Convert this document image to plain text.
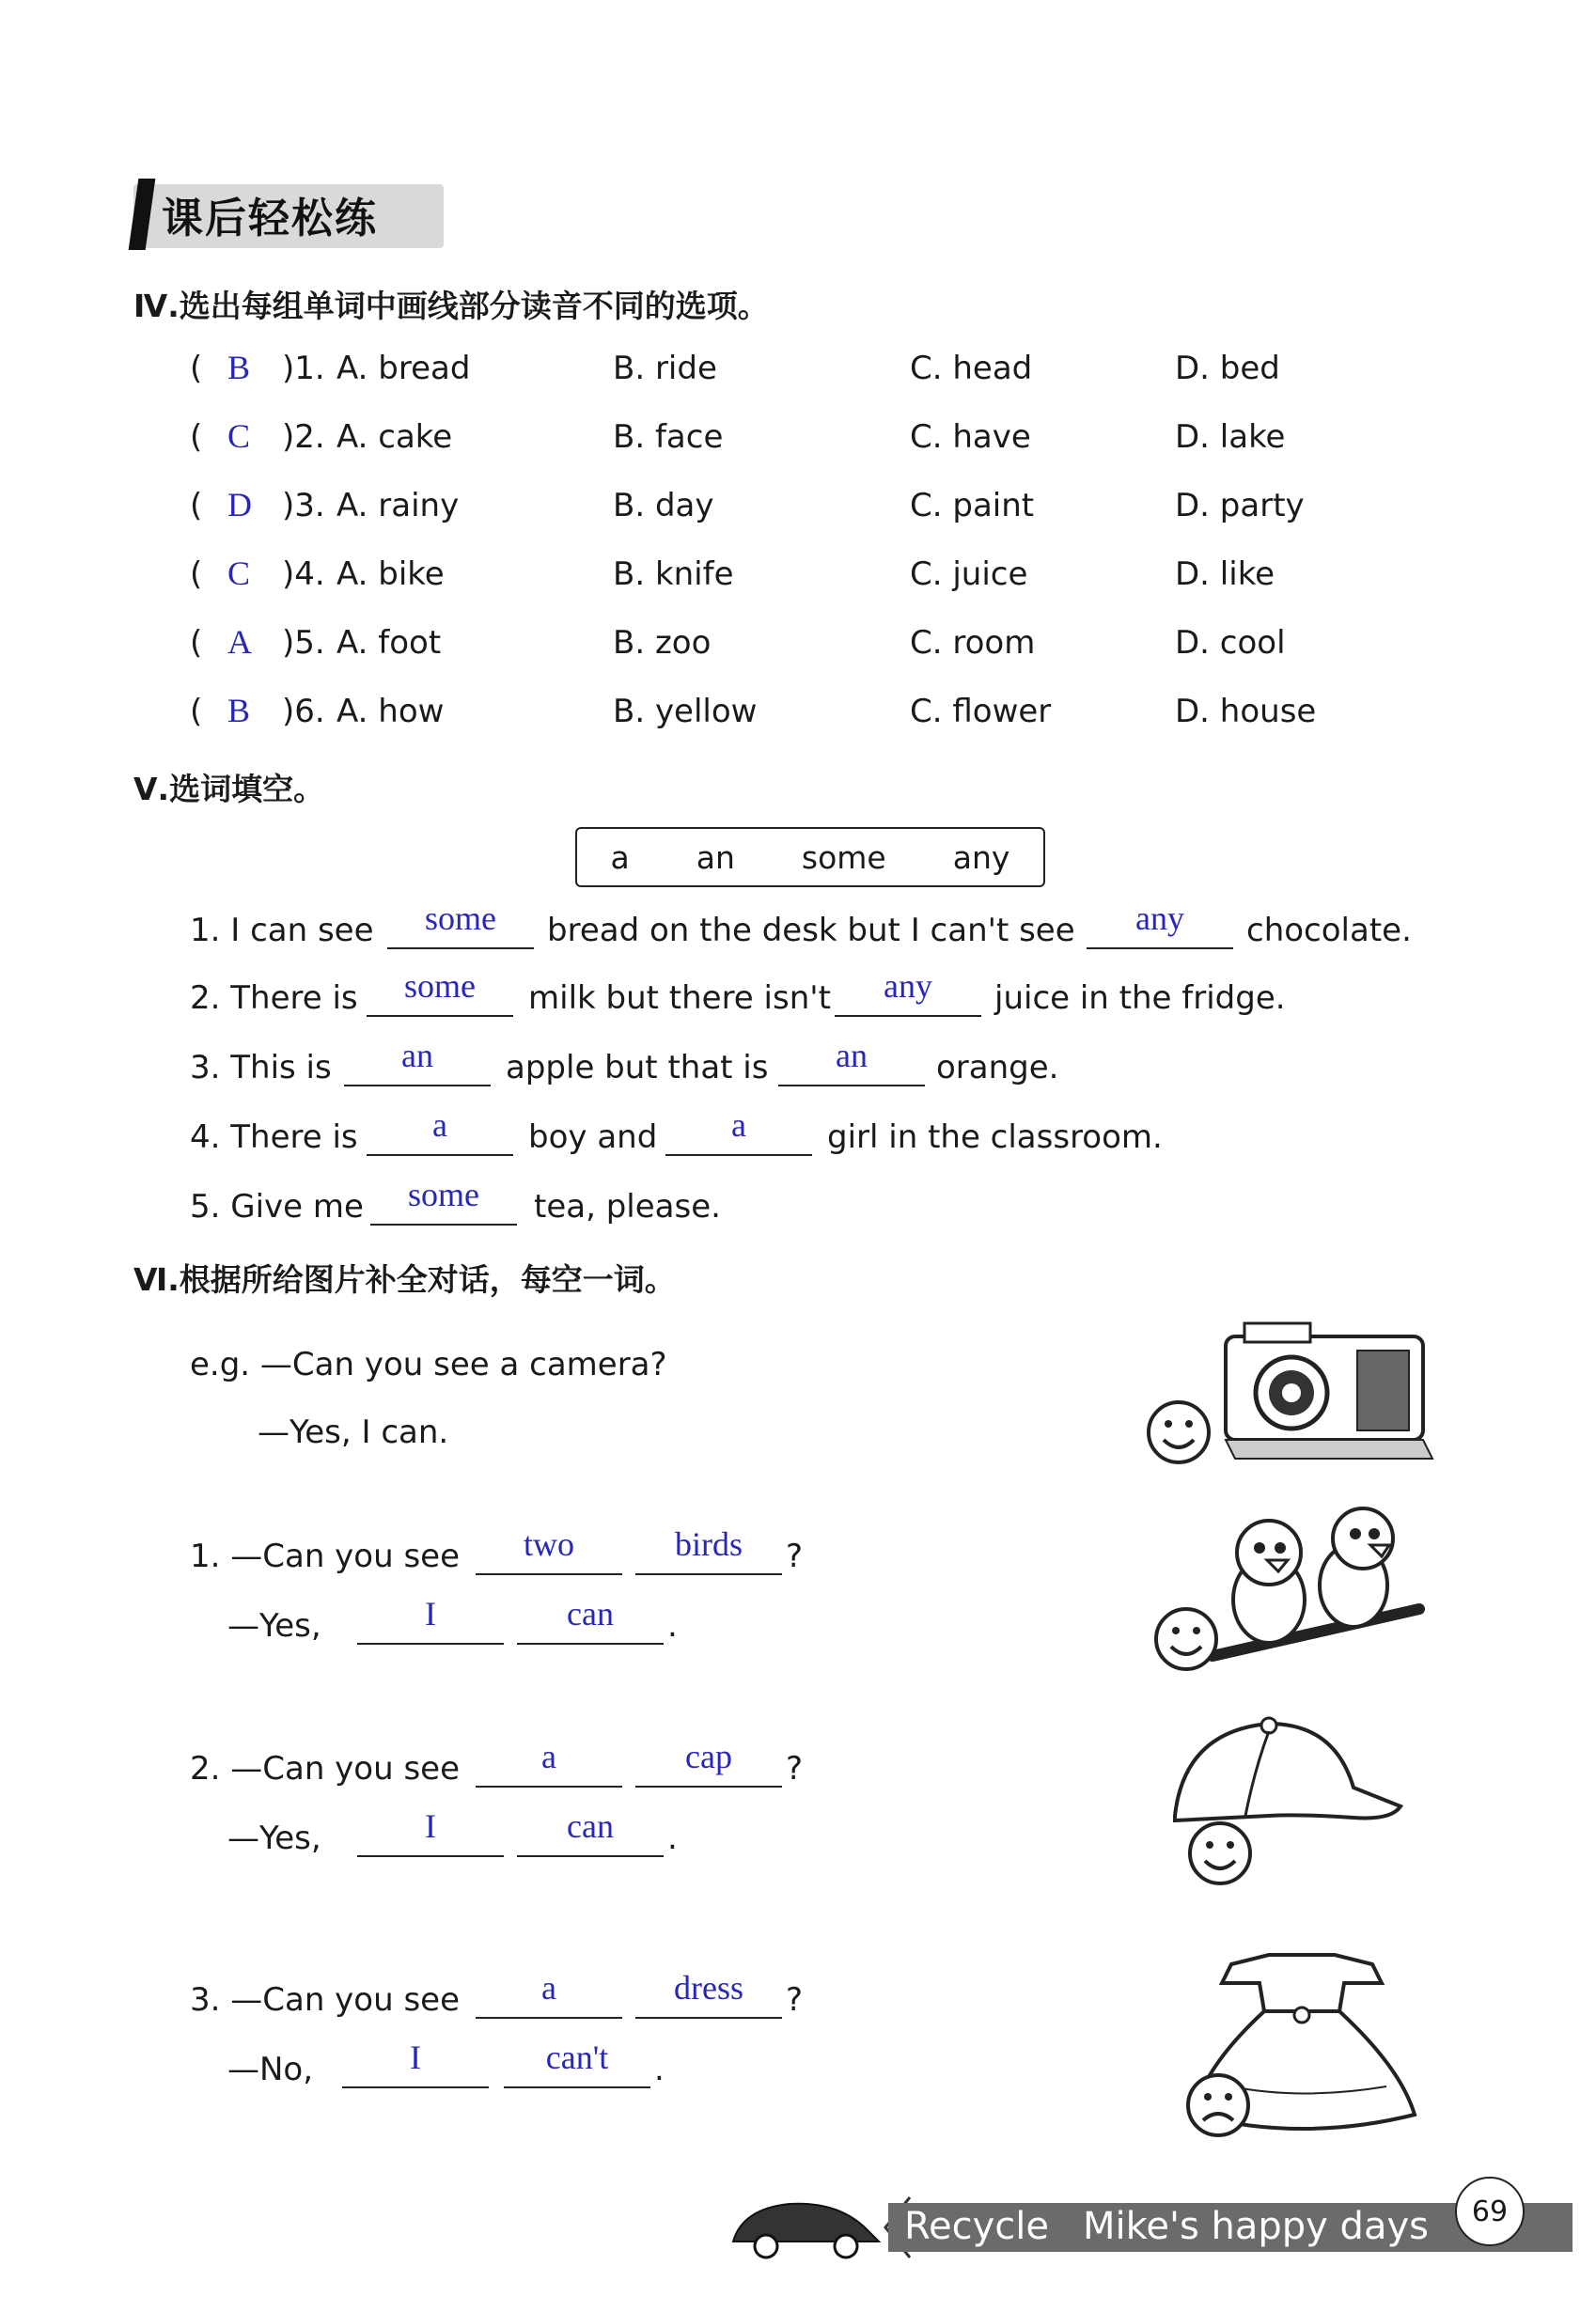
课后轻松练
Ⅳ.选出每组单词中画线部分读音不同的选项。
( B )1. A. bread	B. ride	C. head	D. bed
( C )2. A. cake	B. face	C. have	D. lake
( D )3. A. rainy	B. day	C. paint	D. party
( C )4. A. bike	B. knife	C. juice	D. like
( A )5. A. foot	B. zoo	C. room	D. cool
( B )6. A. how	B. yellow	C. flower	D. house
Ⅴ.选词填空。
a an some any
1. I can see	some	bread on the desk but I can't see	any	chocolate.
2. There is	some	milk but there isn't	any	juice in the fridge.
3. This is	an	apple but that is	an	orange.
4. There is	a	boy and	a	girl in the classroom.
5. Give me	some	tea, please.
Ⅵ.根据所给图片补全对话，每空一词。
e.g. —Can you see a camera?
—Yes, I can.
1. —Can you see	two	birds	?
—Yes,	I	can	.
2. —Can you see	a	cap	?
—Yes,	I	can	.
3. —Can you see	a	dress	?
—No,	I	can't	.
Recycle Mike's happy days	69
